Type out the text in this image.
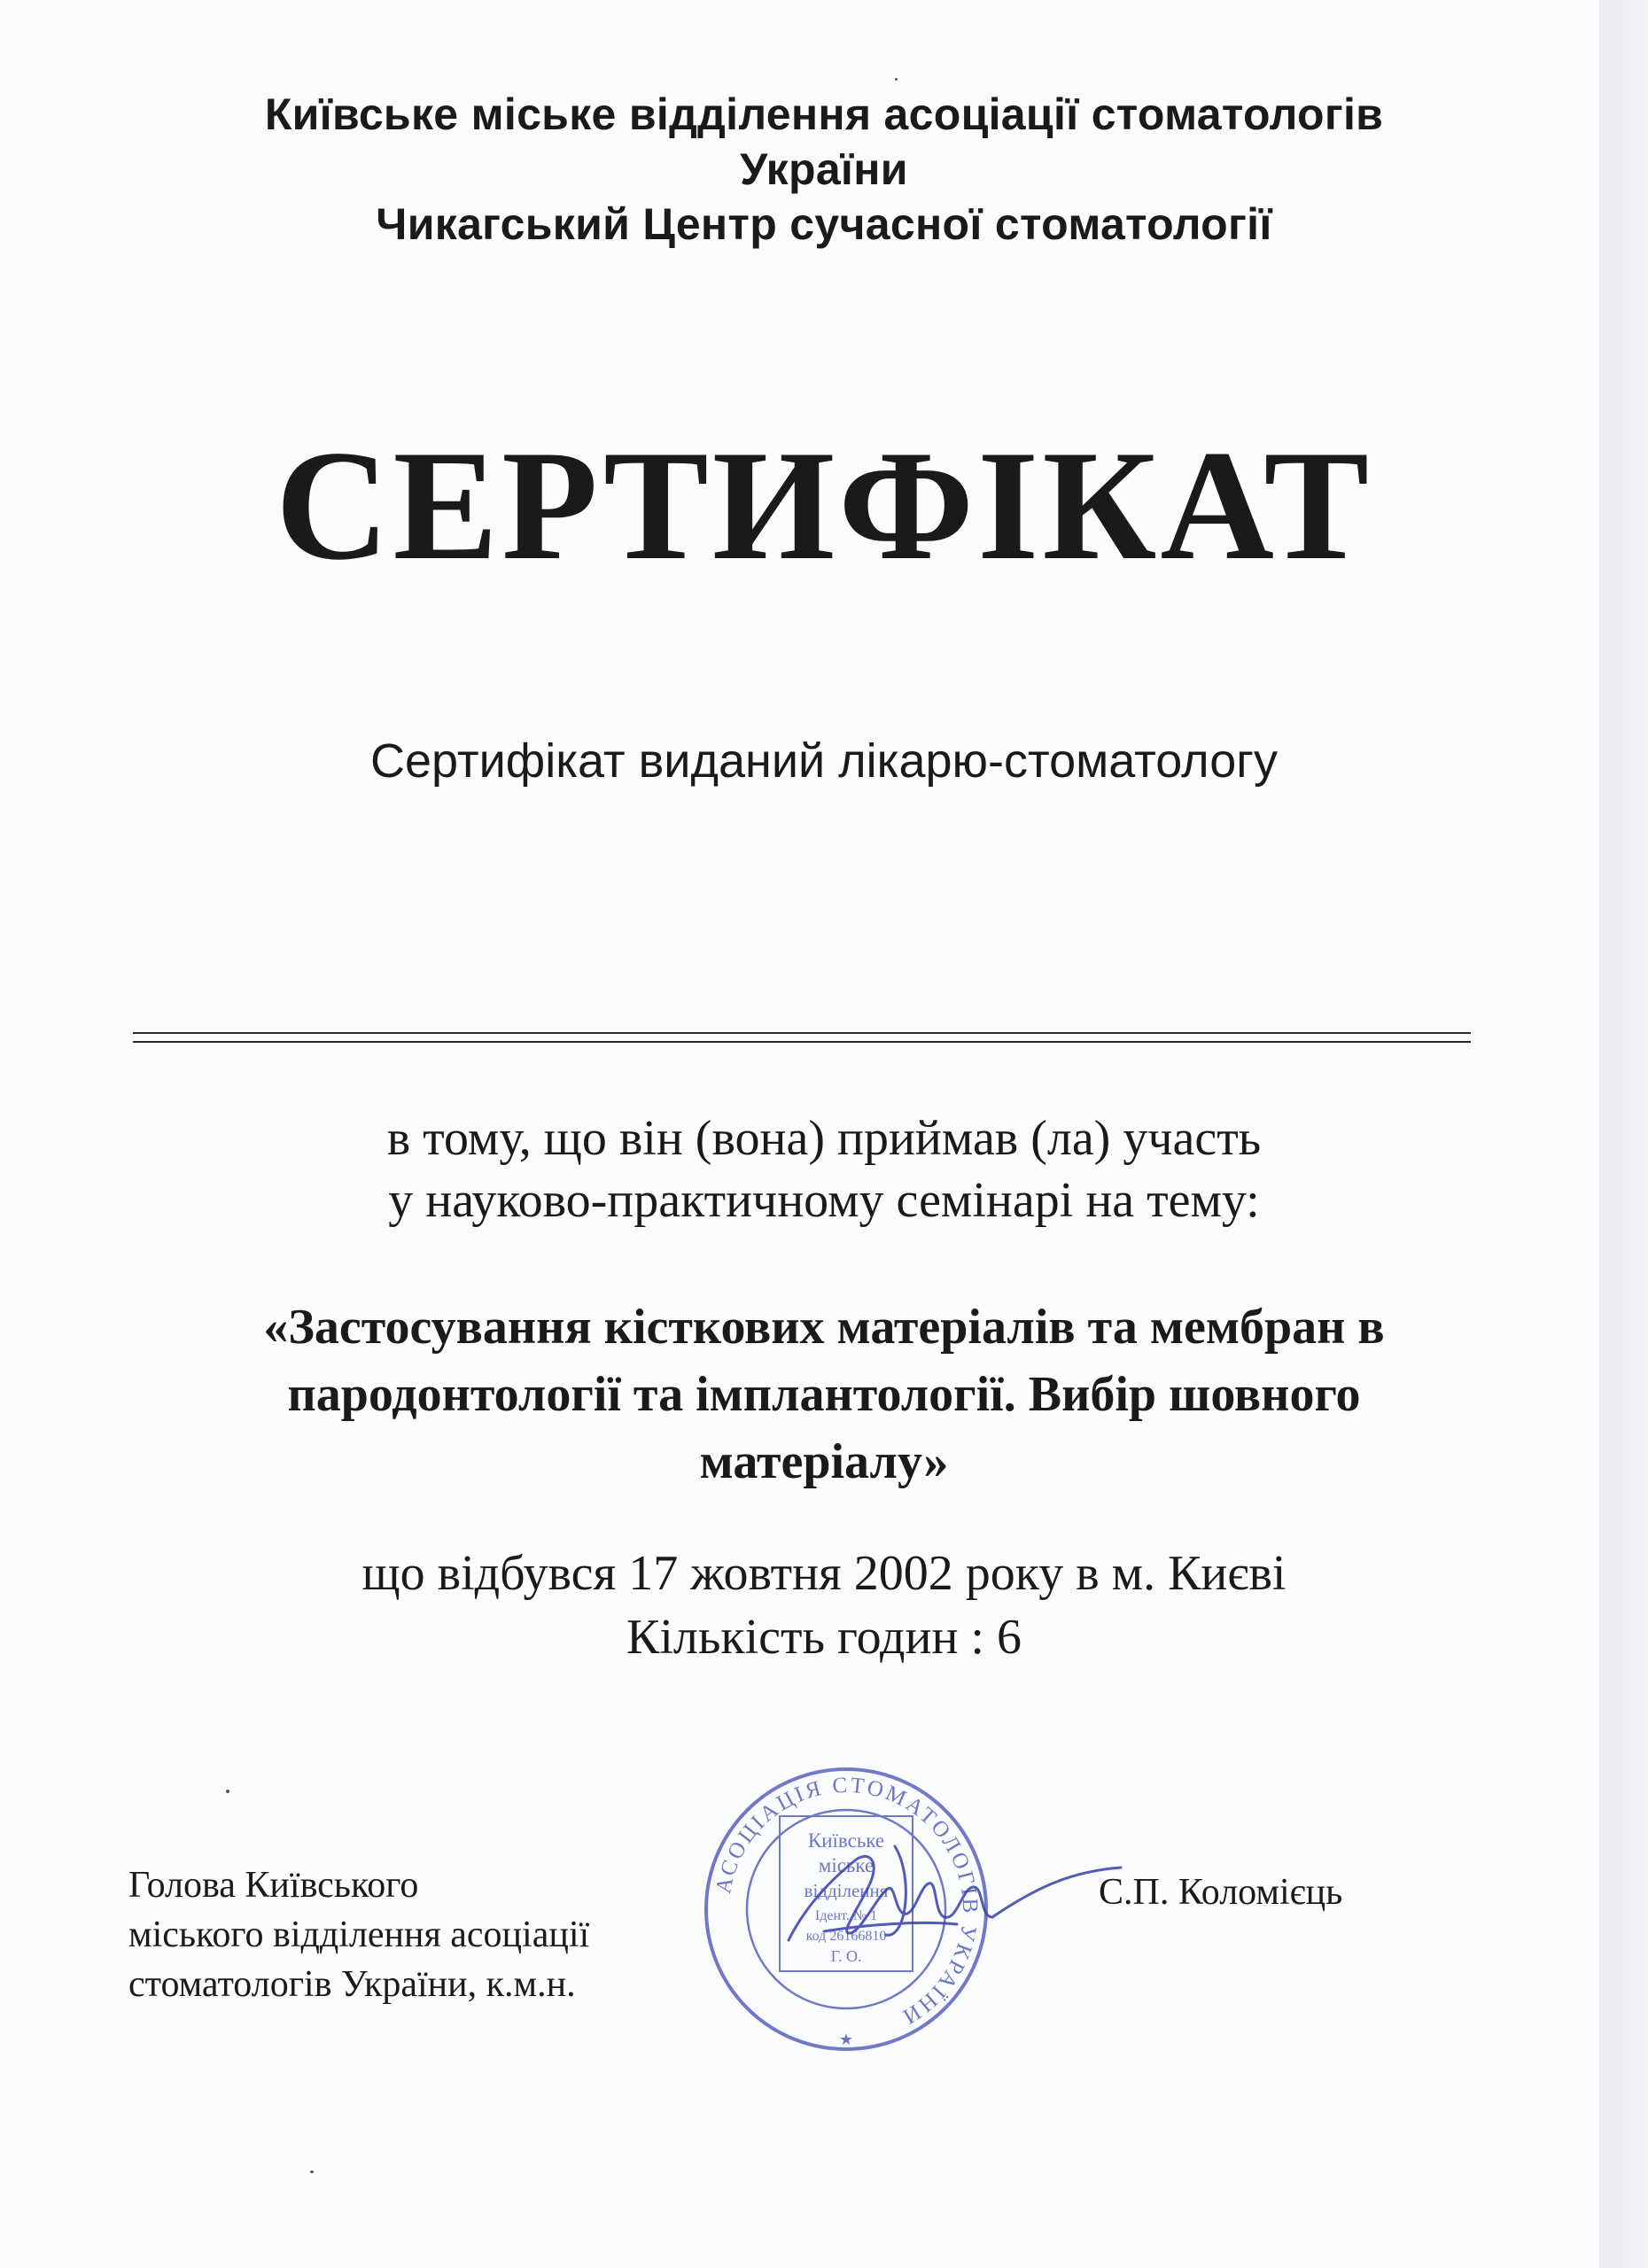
Київське міське відділення асоціації стоматологів
України
Чикагський Центр сучасної стоматології
СЕРТИФІКАТ
Сертифікат виданий лікарю-стоматологу
в тому, що він (вона) приймав (ла) участь
у науково-практичному семінарі на тему:
«Застосування кісткових матеріалів та мембран в
пародонтології та імплантології. Вибір шовного
матеріалу»
що відбувся 17 жовтня 2002 року в м. Києві
Кількість годин : 6
Голова Київського
міського відділення асоціації
стоматологів України, к.м.н.
С.П. Коломієць
АСОЦІАЦІЯ СТОМАТОЛОГІВ УКРАЇНИ
Київське
міське
відділення
Ідент. № 1
код 26166810
Г. О.
★
